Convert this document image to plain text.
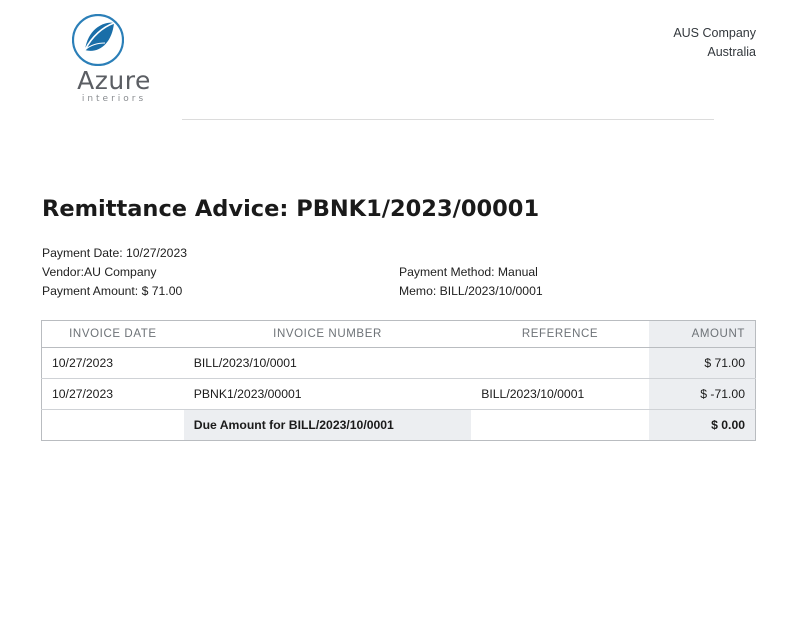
Azure
interiors
AUS Company
Australia
Remittance Advice: PBNK1/2023/00001
Payment Date: 10/27/2023
Vendor:AU Company
Payment Amount: $ 71.00
Payment Method: Manual
Memo: BILL/2023/10/0001
INVOICE DATE	INVOICE NUMBER	REFERENCE	AMOUNT
10/27/2023	BILL/2023/10/0001		$ 71.00
10/27/2023	PBNK1/2023/00001	BILL/2023/10/0001	$ -71.00
	Due Amount for BILL/2023/10/0001		$ 0.00
